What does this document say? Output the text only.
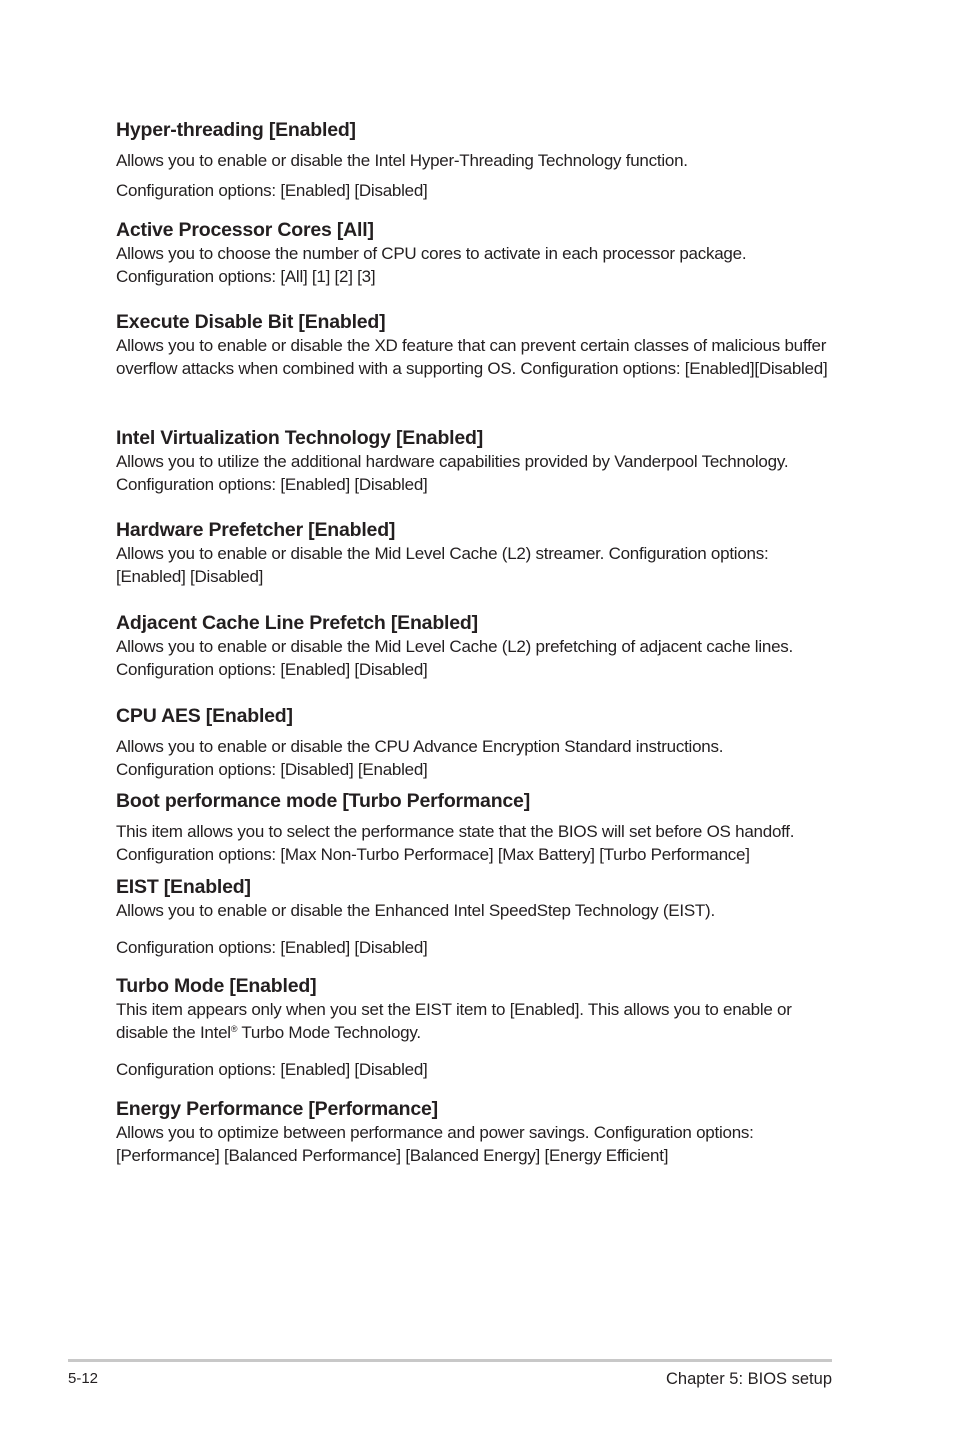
Hyper-threading [Enabled]
Allows you to enable or disable the Intel Hyper-Threading Technology function.
Configuration options: [Enabled] [Disabled]
Active Processor Cores [All]
Allows you to choose the number of CPU cores to activate in each processor package.
Configuration options: [All] [1] [2] [3]
Execute Disable Bit [Enabled]
Allows you to enable or disable the XD feature that can prevent certain classes of malicious buffer overflow attacks when combined with a supporting OS. Configuration options: [Enabled][Disabled]
Intel Virtualization Technology [Enabled]
Allows you to utilize the additional hardware capabilities provided by Vanderpool Technology.
Configuration options: [Enabled] [Disabled]
Hardware Prefetcher [Enabled]
Allows you to enable or disable the Mid Level Cache (L2) streamer. Configuration options: [Enabled] [Disabled]
Adjacent Cache Line Prefetch [Enabled]
Allows you to enable or disable the Mid Level Cache (L2) prefetching of adjacent cache lines.
Configuration options: [Enabled] [Disabled]
CPU AES [Enabled]
Allows you to enable or disable the CPU Advance Encryption Standard instructions.
Configuration options: [Disabled] [Enabled]
Boot performance mode [Turbo Performance]
This item allows you to select the performance state that the BIOS will set before OS handoff.
Configuration options: [Max Non-Turbo Performace] [Max Battery] [Turbo Performance]
EIST [Enabled]
Allows you to enable or disable the Enhanced Intel SpeedStep Technology (EIST).
Configuration options: [Enabled] [Disabled]
Turbo Mode [Enabled]
This item appears only when you set the EIST item to [Enabled]. This allows you to enable or disable the Intel® Turbo Mode Technology.
Configuration options: [Enabled] [Disabled]
Energy Performance [Performance]
Allows you to optimize between performance and power savings. Configuration options: [Performance] [Balanced Performance] [Balanced Energy] [Energy Efficient]
5-12	Chapter 5: BIOS setup
